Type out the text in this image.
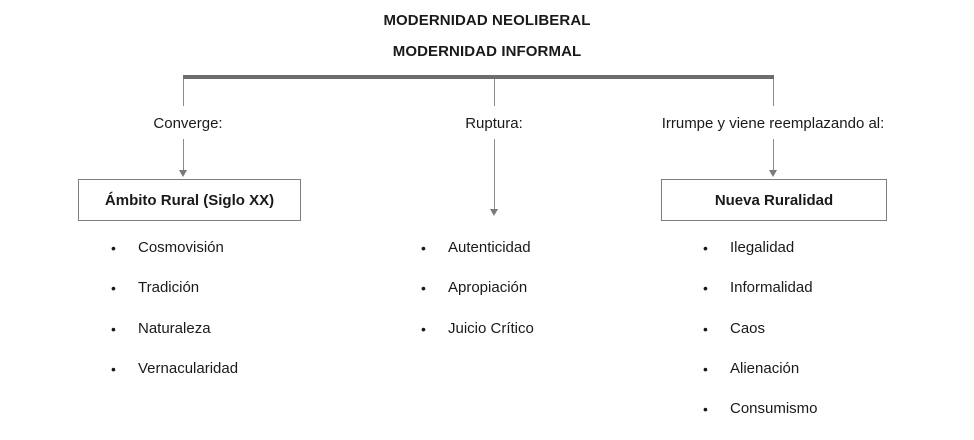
MODERNIDAD NEOLIBERAL
MODERNIDAD INFORMAL
Converge:
Ámbito Rural (Siglo XX)
• Cosmovisión
• Tradición
• Naturaleza
• Vernacularidad
Ruptura:
• Autenticidad
• Apropiación
• Juicio Crítico
Irrumpe y viene reemplazando al:
Nueva Ruralidad
• Ilegalidad
• Informalidad
• Caos
• Alienación
• Consumismo
